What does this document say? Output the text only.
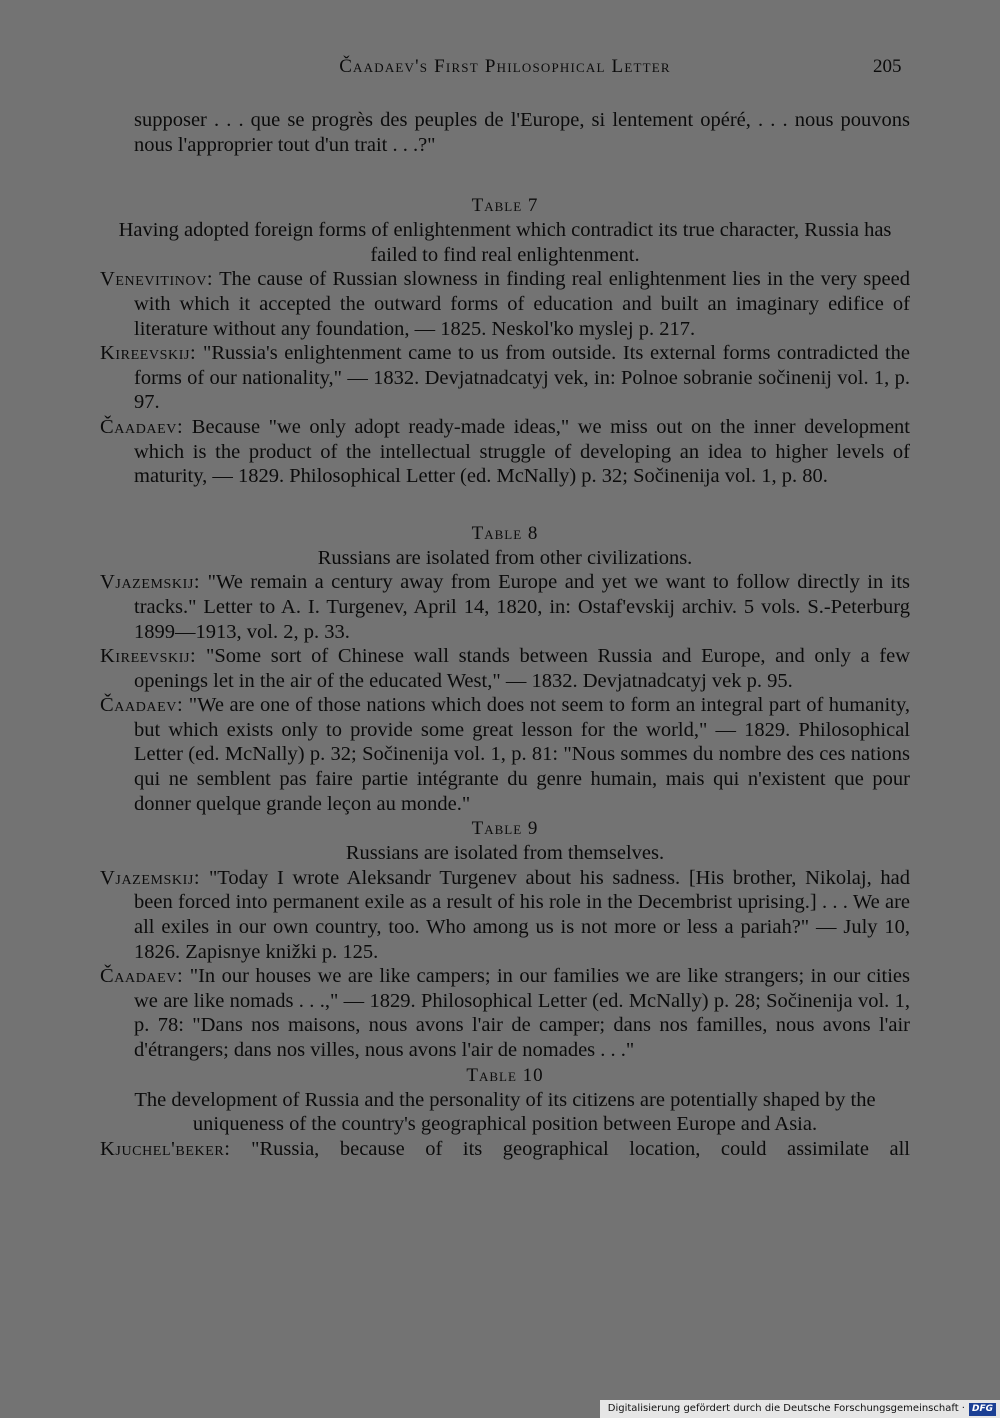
Čaadaev's First Philosophical Letter	205

supposer . . . que se progrès des peuples de l'Europe, si lentement opéré, . . . nous pouvons nous l'approprier tout d'un trait . . .?"

Table 7

Having adopted foreign forms of enlightenment which contradict its true character, Russia has failed to find real enlightenment.

Venevitinov: The cause of Russian slowness in finding real enlightenment lies in the very speed with which it accepted the outward forms of education and built an imaginary edifice of literature without any foundation, — 1825. Neskol'ko myslej p. 217.

Kireevskij: "Russia's enlightenment came to us from outside. Its external forms contradicted the forms of our nationality," — 1832. Devjatnadcatyj vek, in: Polnoe sobranie sočinenij vol. 1, p. 97.

Čaadaev: Because "we only adopt ready-made ideas," we miss out on the inner development which is the product of the intellectual struggle of developing an idea to higher levels of maturity, — 1829. Philosophical Letter (ed. McNally) p. 32; Sočinenija vol. 1, p. 80.

Table 8

Russians are isolated from other civilizations.

Vjazemskij: "We remain a century away from Europe and yet we want to follow directly in its tracks." Letter to A. I. Turgenev, April 14, 1820, in: Ostaf'evskij archiv. 5 vols. S.-Peterburg 1899—1913, vol. 2, p. 33.

Kireevskij: "Some sort of Chinese wall stands between Russia and Europe, and only a few openings let in the air of the educated West," — 1832. Devjatnadcatyj vek p. 95.

Čaadaev: "We are one of those nations which does not seem to form an integral part of humanity, but which exists only to provide some great lesson for the world," — 1829. Philosophical Letter (ed. McNally) p. 32; Sočinenija vol. 1, p. 81: "Nous sommes du nombre des ces nations qui ne semblent pas faire partie intégrante du genre humain, mais qui n'existent que pour donner quelque grande leçon au monde."

Table 9

Russians are isolated from themselves.

Vjazemskij: "Today I wrote Aleksandr Turgenev about his sadness. [His brother, Nikolaj, had been forced into permanent exile as a result of his role in the Decembrist uprising.] . . . We are all exiles in our own country, too. Who among us is not more or less a pariah?" — July 10, 1826. Zapisnye knižki p. 125.

Čaadaev: "In our houses we are like campers; in our families we are like strangers; in our cities we are like nomads . . .," — 1829. Philosophical Letter (ed. McNally) p. 28; Sočinenija vol. 1, p. 78: "Dans nos maisons, nous avons l'air de camper; dans nos familles, nous avons l'air d'étrangers; dans nos villes, nous avons l'air de nomades . . ."

Table 10

The development of Russia and the personality of its citizens are potentially shaped by the uniqueness of the country's geographical position between Europe and Asia.

Kjuchel'beker: "Russia, because of its geographical location, could assimilate all

Digitalisierung gefördert durch die Deutsche Forschungsgemeinschaft · DFG
